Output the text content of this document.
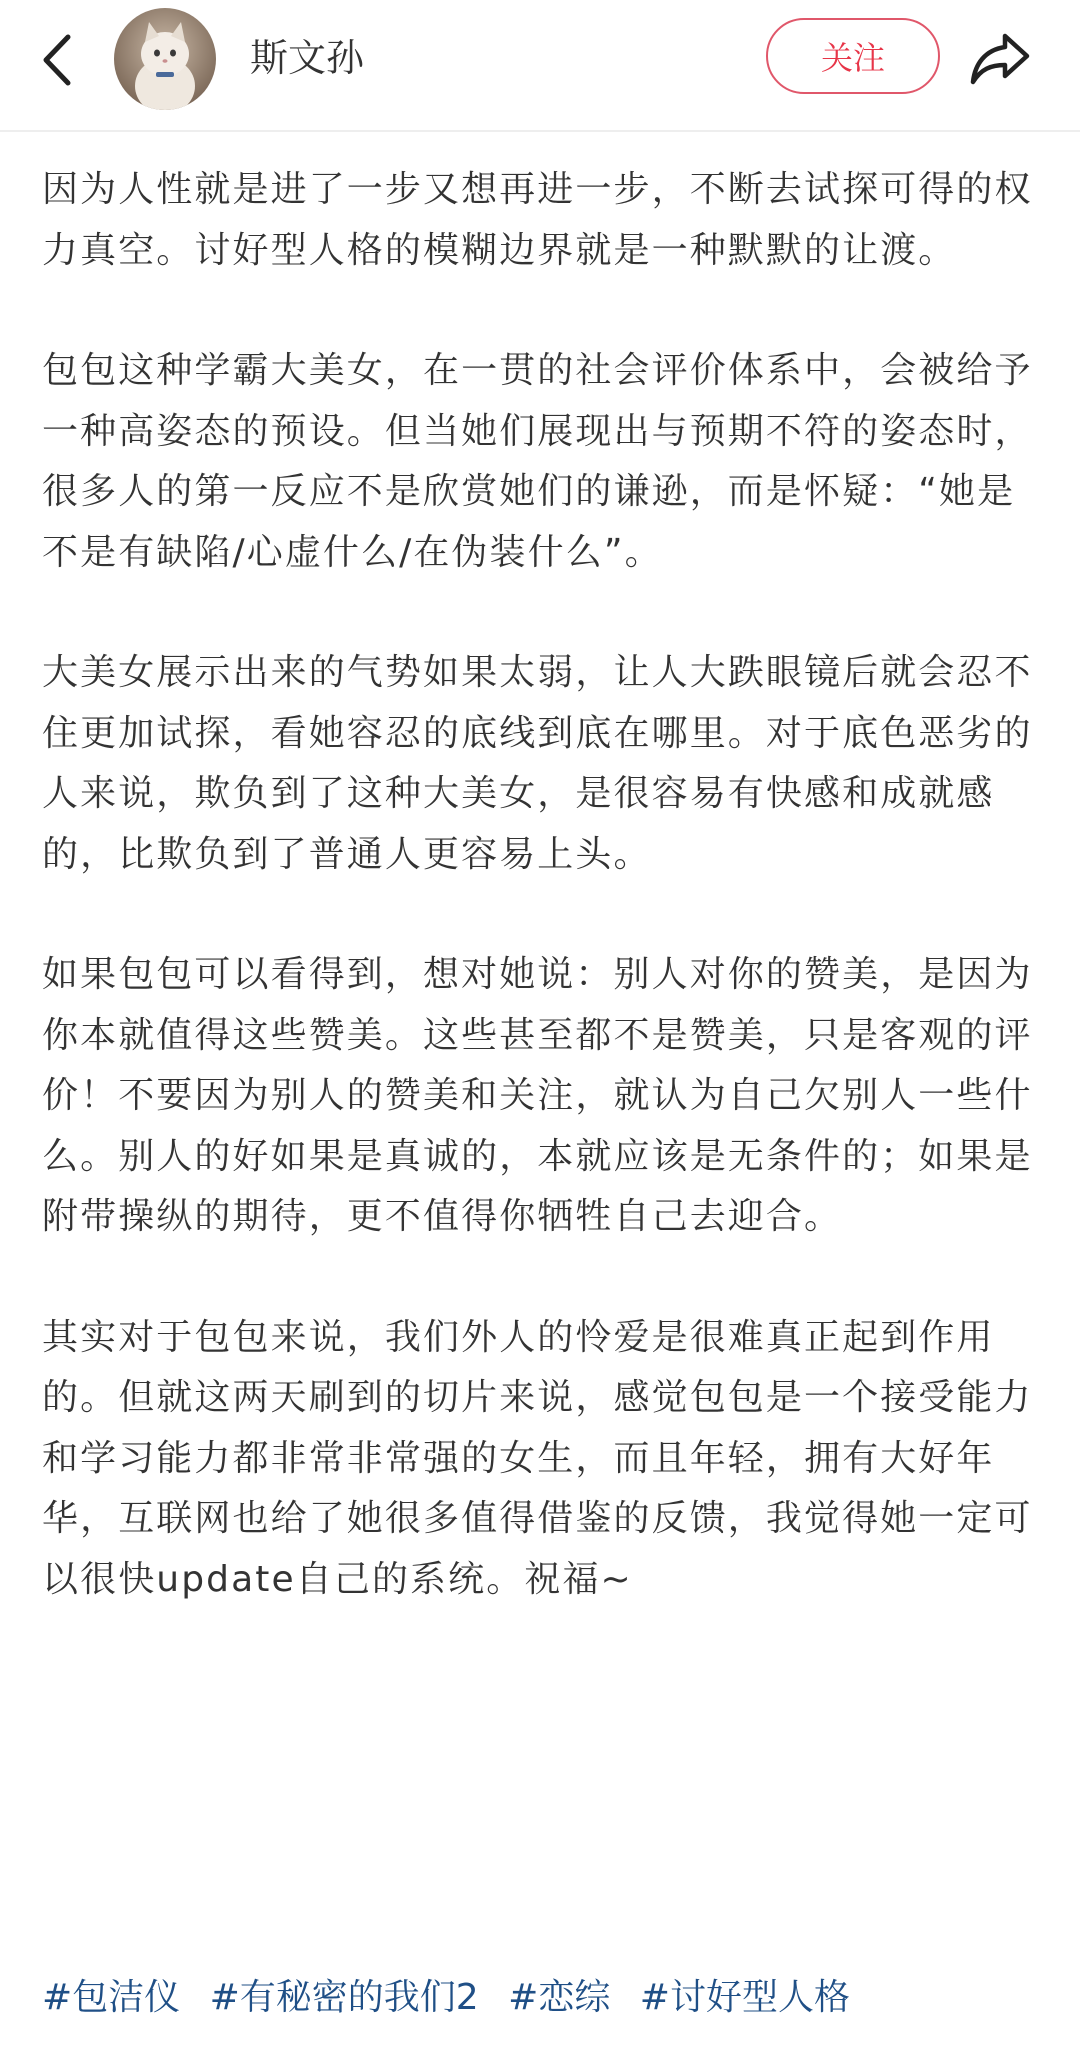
斯文孙	关注

因为人性就是进了一步又想再进一步，不断去试探可得的权力真空。讨好型人格的模糊边界就是一种默默的让渡。

包包这种学霸大美女，在一贯的社会评价体系中，会被给予一种高姿态的预设。但当她们展现出与预期不符的姿态时，很多人的第一反应不是欣赏她们的谦逊，而是怀疑：“她是不是有缺陷/心虚什么/在伪装什么”。

大美女展示出来的气势如果太弱，让人大跌眼镜后就会忍不住更加试探，看她容忍的底线到底在哪里。对于底色恶劣的人来说，欺负到了这种大美女，是很容易有快感和成就感的，比欺负到了普通人更容易上头。

如果包包可以看得到，想对她说：别人对你的赞美，是因为你本就值得这些赞美。这些甚至都不是赞美，只是客观的评价！不要因为别人的赞美和关注，就认为自己欠别人一些什么。别人的好如果是真诚的，本就应该是无条件的；如果是附带操纵的期待，更不值得你牺牲自己去迎合。

其实对于包包来说，我们外人的怜爱是很难真正起到作用的。但就这两天刷到的切片来说，感觉包包是一个接受能力和学习能力都非常非常强的女生，而且年轻，拥有大好年华，互联网也给了她很多值得借鉴的反馈，我觉得她一定可以很快update自己的系统。祝福~

#包洁仪 #有秘密的我们2 #恋综 #讨好型人格
